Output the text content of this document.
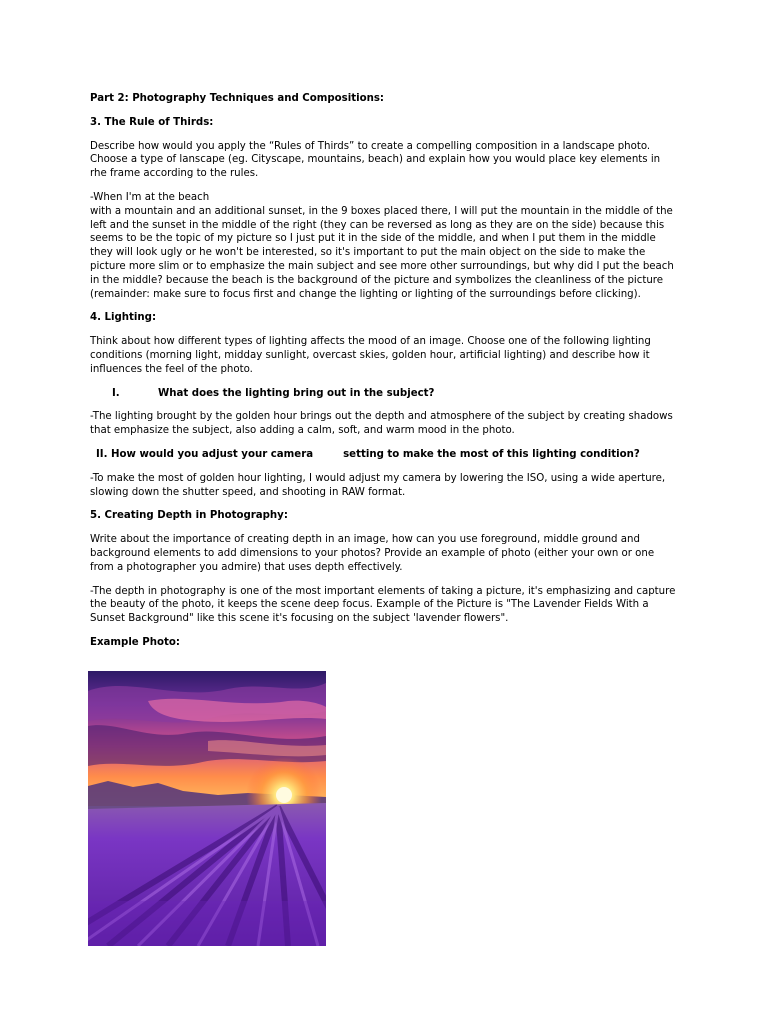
Part 2: Photography Techniques and Compositions:

3. The Rule of Thirds:

Describe how would you apply the “Rules of Thirds” to create a compelling composition in a landscape photo. Choose a type of lanscape (eg. Cityscape, mountains, beach) and explain how you would place key elements in rhe frame according to the rules.

-When I'm at the beach
with a mountain and an additional sunset, in the 9 boxes placed there, I will put the mountain in the middle of the left and the sunset in the middle of the right (they can be reversed as long as they are on the side) because this seems to be the topic of my picture so I just put it in the side of the middle, and when I put them in the middle they will look ugly or he won't be interested, so it's important to put the main object on the side to make the picture more slim or to emphasize the main subject and see more other surroundings, but why did I put the beach in the middle? because the beach is the background of the picture and symbolizes the cleanliness of the picture (remainder: make sure to focus first and change the lighting or lighting of the surroundings before clicking).

4. Lighting:

Think about how different types of lighting affects the mood of an image. Choose one of the following lighting conditions (morning light, midday sunlight, overcast skies, golden hour, artificial lighting) and describe how it influences the feel of the photo.

I.	What does the lighting bring out in the subject?

-The lighting brought by the golden hour brings out the depth and atmosphere of the subject by creating shadows that emphasize the subject, also adding a calm, soft, and warm mood in the photo.

II. How would you adjust your camera	setting to make the most of this lighting condition?

-To make the most of golden hour lighting, I would adjust my camera by lowering the ISO, using a wide aperture, slowing down the shutter speed, and shooting in RAW format.

5. Creating Depth in Photography:

Write about the importance of creating depth in an image, how can you use foreground, middle ground and background elements to add dimensions to your photos? Provide an example of photo (either your own or one from a photographer you admire) that uses depth effectively.

-The depth in photography is one of the most important elements of taking a picture, it's emphasizing and capture the beauty of the photo, it keeps the scene deep focus. Example of the Picture is "The Lavender Fields With a Sunset Background" like this scene it's focusing on the subject 'lavender flowers".

Example Photo:
